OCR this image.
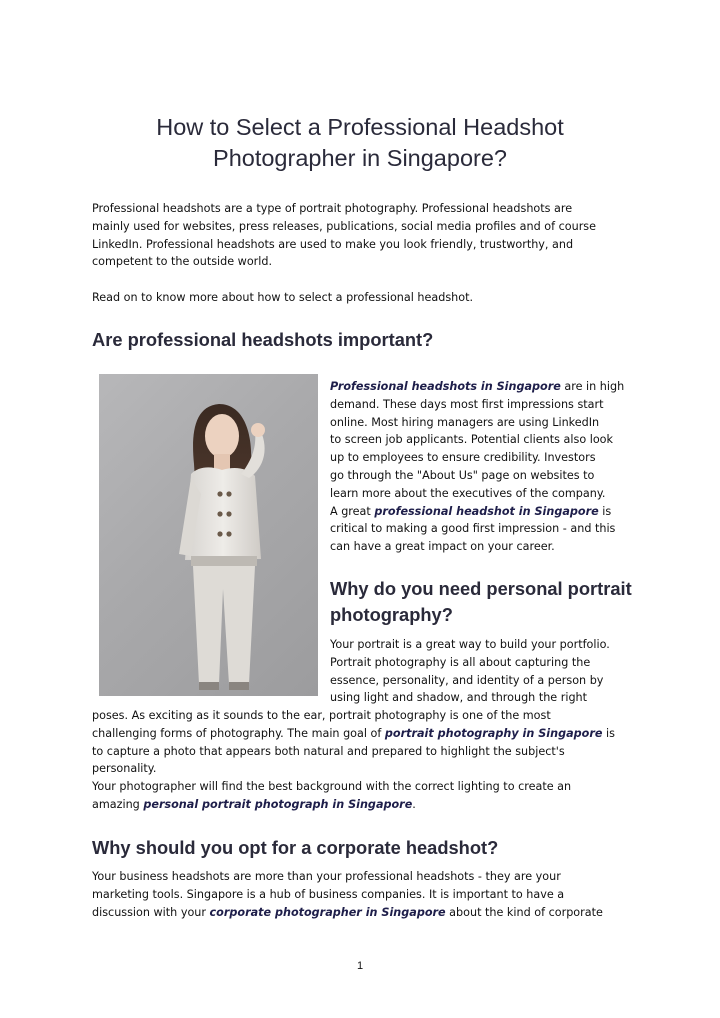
How to Select a Professional Headshot
Photographer in Singapore?

Professional headshots are a type of portrait photography. Professional headshots are
mainly used for websites, press releases, publications, social media profiles and of course
LinkedIn. Professional headshots are used to make you look friendly, trustworthy, and
competent to the outside world.

Read on to know more about how to select a professional headshot.

Are professional headshots important?

Professional headshots in Singapore are in high
demand. These days most first impressions start
online. Most hiring managers are using LinkedIn
to screen job applicants. Potential clients also look
up to employees to ensure credibility. Investors
go through the "About Us" page on websites to
learn more about the executives of the company.
A great professional headshot in Singapore is
critical to making a good first impression - and this
can have a great impact on your career.

Why do you need personal portrait
photography?

Your portrait is a great way to build your portfolio.
Portrait photography is all about capturing the
essence, personality, and identity of a person by
using light and shadow, and through the right

poses. As exciting as it sounds to the ear, portrait photography is one of the most
challenging forms of photography. The main goal of portrait photography in Singapore is
to capture a photo that appears both natural and prepared to highlight the subject's
personality.
Your photographer will find the best background with the correct lighting to create an
amazing personal portrait photograph in Singapore.

Why should you opt for a corporate headshot?

Your business headshots are more than your professional headshots - they are your
marketing tools. Singapore is a hub of business companies. It is important to have a
discussion with your corporate photographer in Singapore about the kind of corporate

1
